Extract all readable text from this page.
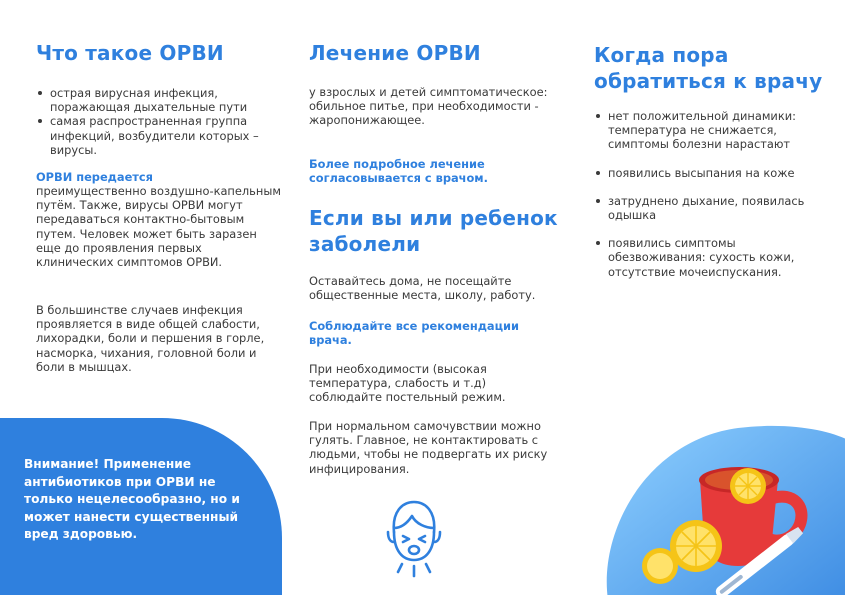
Что такое ОРВИ
острая вирусная инфекция, поражающая дыхательные пути
самая распространенная группа инфекций, возбудители которых – вирусы.
ОРВИ передается
преимущественно воздушно-капельным путём. Также, вирусы ОРВИ могут передаваться контактно-бытовым путем. Человек может быть заразен еще до проявления первых клинических симптомов ОРВИ.
В большинстве случаев инфекция проявляется в виде общей слабости, лихорадки, боли и першения в горле, насморка, чихания, головной боли и боли в мышцах.
Внимание! Применение антибиотиков при ОРВИ не только нецелесообразно, но и может нанести существенный вред здоровью.
Лечение ОРВИ
у взрослых и детей симптоматическое: обильное питье, при необходимости - жаропонижающее.
Более подробное лечение согласовывается с врачом.
Если вы или ребенок заболели
Оставайтесь дома, не посещайте общественные места, школу, работу.
Соблюдайте все рекомендации врача.
При необходимости (высокая температура, слабость и т.д) соблюдайте постельный режим.
При нормальном самочувствии можно гулять. Главное, не контактировать с людьми, чтобы не подвергать их риску инфицирования.
Когда пора обратиться к врачу
нет положительной динамики: температура не снижается, симптомы болезни нарастают
появились высыпания на коже
затруднено дыхание, появилась одышка
появились симптомы обезвоживания: сухость кожи, отсутствие мочеиспускания.
